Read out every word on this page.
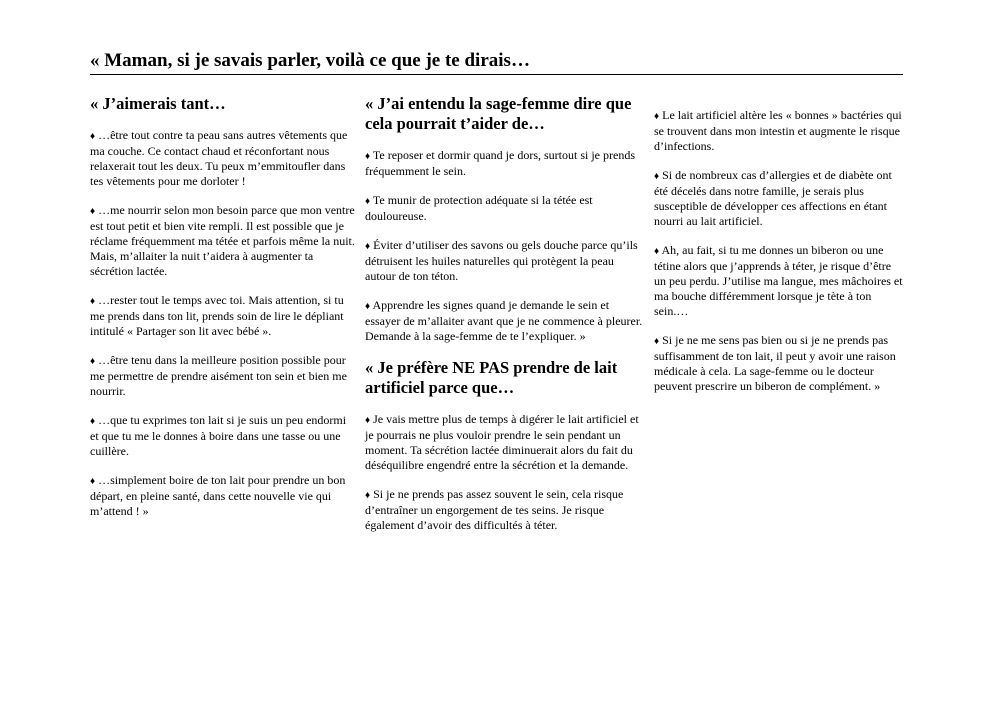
« Maman, si je savais parler, voilà ce que je te dirais…
« J’aimerais tant…

♦ …être tout contre ta peau sans autres vêtements que ma couche. Ce contact chaud et réconfortant nous relaxerait tout les deux. Tu peux m’emmitoufler dans tes vêtements pour me dorloter !

♦ …me nourrir selon mon besoin parce que mon ventre est tout petit et bien vite rempli. Il est possible que je réclame fréquemment ma tétée et parfois même la nuit. Mais, m’allaiter la nuit t’aidera à augmenter ta sécrétion lactée.

♦ …rester tout le temps avec toi. Mais attention, si tu me prends dans ton lit, prends soin de lire le dépliant intitulé « Partager son lit avec bébé ».

♦ …être tenu dans la meilleure position possible pour me permettre de prendre aisément ton sein et bien me nourrir.

♦ …que tu exprimes ton lait si je suis un peu endormi et que tu me le donnes à boire dans une tasse ou une cuillère.

♦ …simplement boire de ton lait pour prendre un bon départ, en pleine santé, dans cette nouvelle vie qui m’attend ! »

« J’ai entendu la sage-femme dire que cela pourrait t’aider de…

♦ Te reposer et dormir quand je dors, surtout si je prends fréquemment le sein.

♦ Te munir de protection adéquate si la tétée est douloureuse.

♦ Éviter d’utiliser des savons ou gels douche parce qu’ils détruisent les huiles naturelles qui protègent la peau autour de ton téton.

♦ Apprendre les signes quand je demande le sein et essayer de m’allaiter avant que je ne commence à pleurer. Demande à la sage-femme de te l’expliquer. »

« Je préfère NE PAS prendre de lait artificiel parce que…

♦ Je vais mettre plus de temps à digérer le lait artificiel et je pourrais ne plus vouloir prendre le sein pendant un moment. Ta sécrétion lactée diminuerait alors du fait du déséquilibre engendré entre la sécrétion et la demande.

♦ Si je ne prends pas assez souvent le sein, cela risque d’entraîner un engorgement de tes seins. Je risque également d’avoir des difficultés à téter.

♦ Le lait artificiel altère les « bonnes » bactéries qui se trouvent dans mon intestin et augmente le risque d’infections.

♦ Si de nombreux cas d’allergies et de diabète ont été décelés dans notre famille, je serais plus susceptible de développer ces affections en étant nourri au lait artificiel.

♦ Ah, au fait, si tu me donnes un biberon ou une tétine alors que j’apprends à téter, je risque d’être un peu perdu. J’utilise ma langue, mes mâchoires et ma bouche différemment lorsque je tète à ton sein.…

♦ Si je ne me sens pas bien ou si je ne prends pas suffisamment de ton lait, il peut y avoir une raison médicale à cela. La sage-femme ou le docteur peuvent prescrire un biberon de complément. »
